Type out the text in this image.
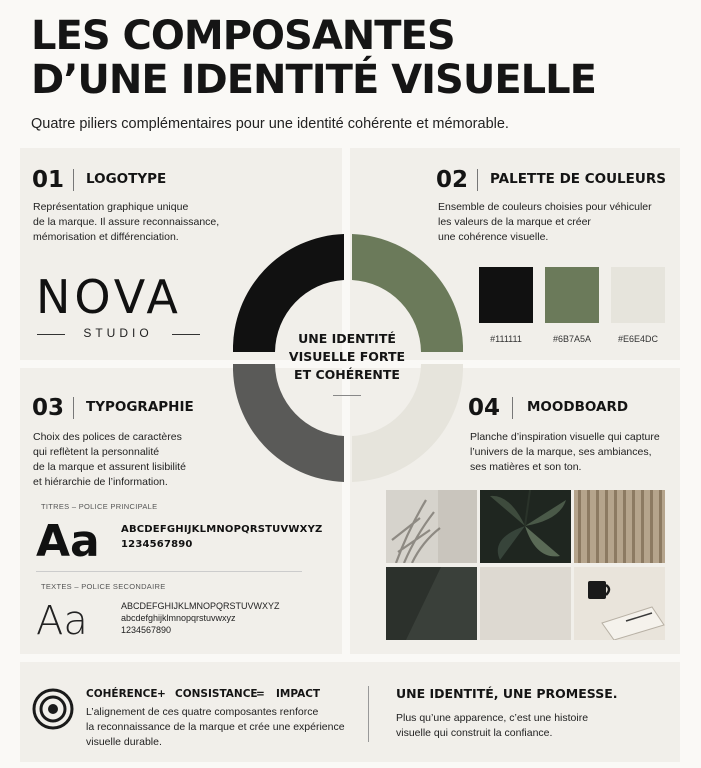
LES COMPOSANTES
D’UNE IDENTITÉ VISUELLE
Quatre piliers complémentaires pour une identité cohérente et mémorable.
01 LOGOTYPE
Représentation graphique unique
de la marque. Il assure reconnaissance,
mémorisation et différenciation.
NOVA
STUDIO
02 PALETTE DE COULEURS
Ensemble de couleurs choisies pour véhiculer
les valeurs de la marque et créer
une cohérence visuelle.
#111111	#6B7A5A	#E6E4DC
03 TYPOGRAPHIE
Choix des polices de caractères
qui reflètent la personnalité
de la marque et assurent lisibilité
et hiérarchie de l’information.
TITRES – POLICE PRINCIPALE
Aa ABCDEFGHIJKLMNOPQRSTUVWXYZ
1234567890
TEXTES – POLICE SECONDAIRE
Aa	ABCDEFGHIJKLMNOPQRSTUVWXYZ
abcdefghijklmnopqrstuvwxyz
1234567890
04 MOODBOARD
Planche d’inspiration visuelle qui capture
l’univers de la marque, ses ambiances,
ses matières et son ton.
UNE IDENTITÉ
VISUELLE FORTE
ET COHÉRENTE
COHÉRENCE + CONSISTANCE
= IMPACT
L’alignement de ces quatre composantes renforce
la reconnaissance de la marque et crée une expérience
visuelle durable.
UNE IDENTITÉ, UNE PROMESSE.
Plus qu’une apparence, c’est une histoire
visuelle qui construit la confiance.
